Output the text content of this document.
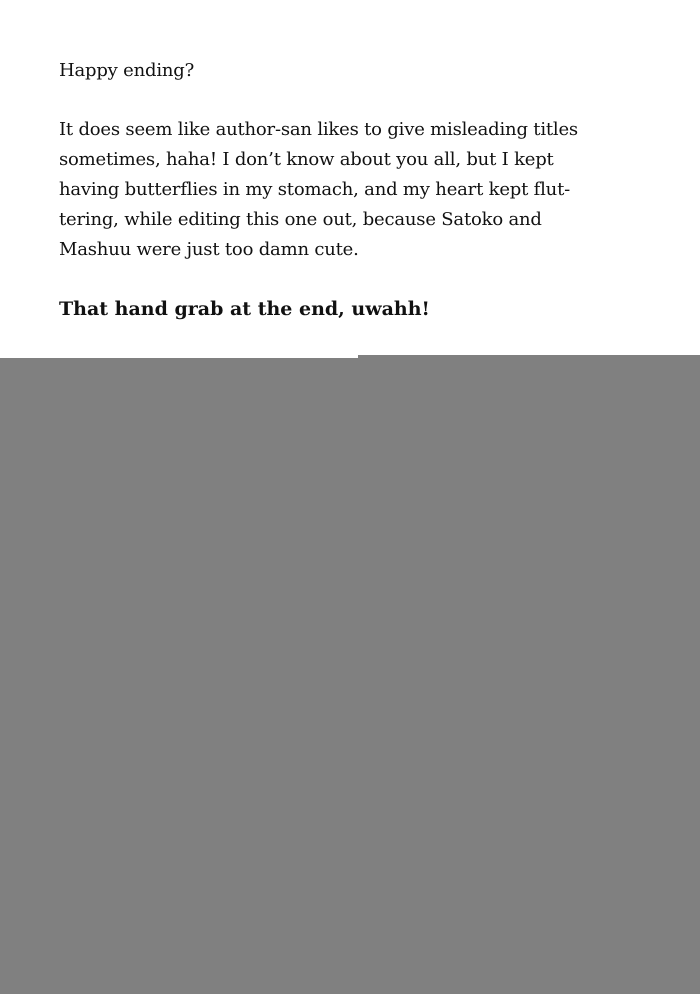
Happy ending?
It does seem like author-san likes to give misleading titles
sometimes, haha! I don’t know about you all, but I kept
having butterflies in my stomach, and my heart kept flut-
tering, while editing this one out, because Satoko and
Mashuu were just too damn cute.
That hand grab at the end, uwahh!
